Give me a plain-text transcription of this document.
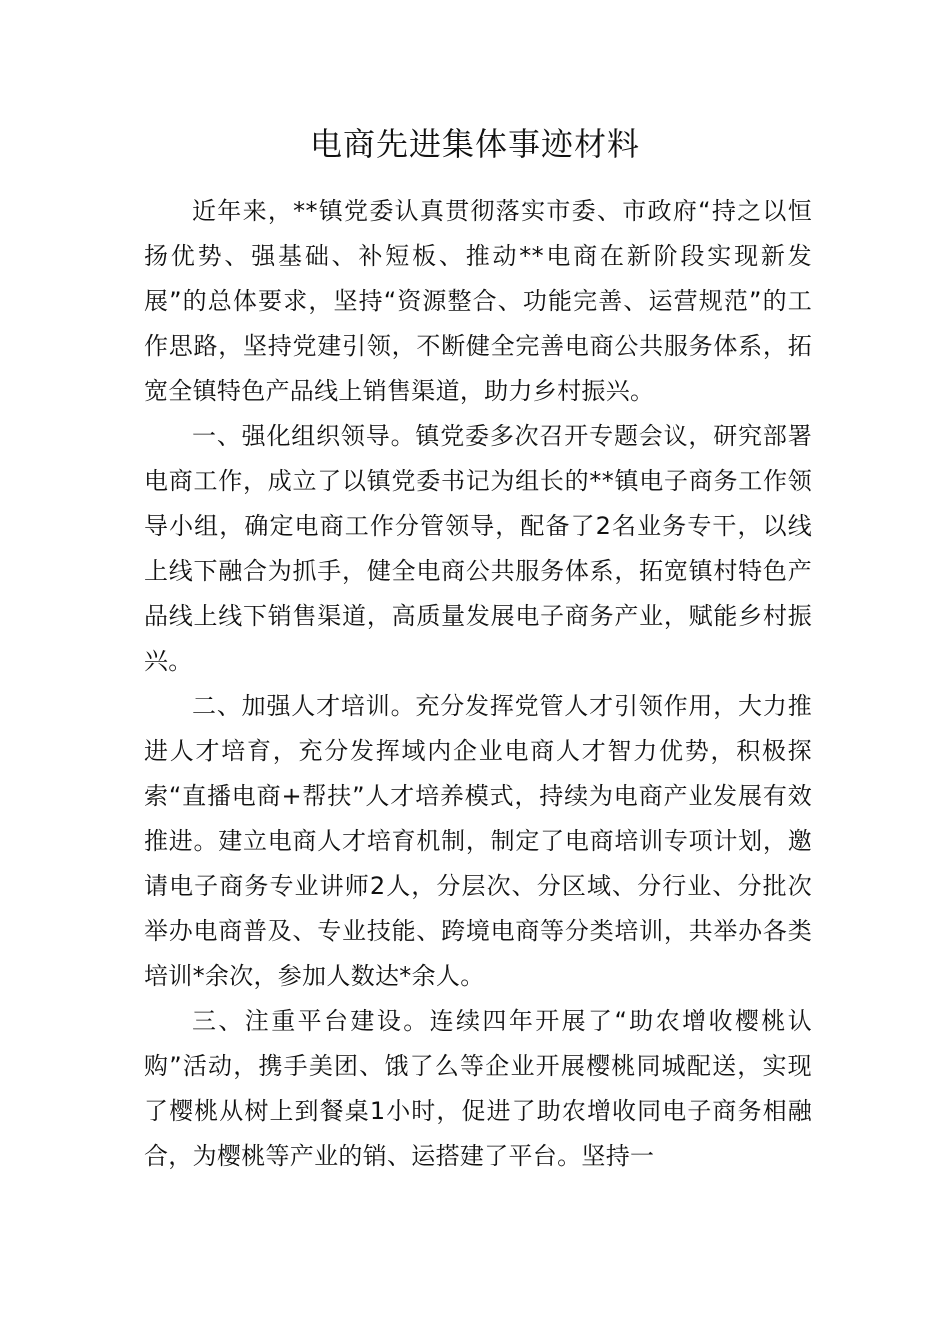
电商先进集体事迹材料

近年来，**镇党委认真贯彻落实市委、市政府“持之以恒扬优势、强基础、补短板、推动**电商在新阶段实现新发展”的总体要求，坚持“资源整合、功能完善、运营规范”的工作思路，坚持党建引领，不断健全完善电商公共服务体系，拓宽全镇特色产品线上销售渠道，助力乡村振兴。

一、强化组织领导。镇党委多次召开专题会议，研究部署电商工作，成立了以镇党委书记为组长的**镇电子商务工作领导小组，确定电商工作分管领导，配备了2名业务专干，以线上线下融合为抓手，健全电商公共服务体系，拓宽镇村特色产品线上线下销售渠道，高质量发展电子商务产业，赋能乡村振兴。

二、加强人才培训。充分发挥党管人才引领作用，大力推进人才培育，充分发挥域内企业电商人才智力优势，积极探索“直播电商+帮扶”人才培养模式，持续为电商产业发展有效推进。建立电商人才培育机制，制定了电商培训专项计划，邀请电子商务专业讲师2人，分层次、分区域、分行业、分批次举办电商普及、专业技能、跨境电商等分类培训，共举办各类培训*余次，参加人数达*余人。

三、注重平台建设。连续四年开展了“助农增收樱桃认购”活动，携手美团、饿了么等企业开展樱桃同城配送，实现了樱桃从树上到餐桌1小时，促进了助农增收同电子商务相融合，为樱桃等产业的销、运搭建了平台。坚持一
